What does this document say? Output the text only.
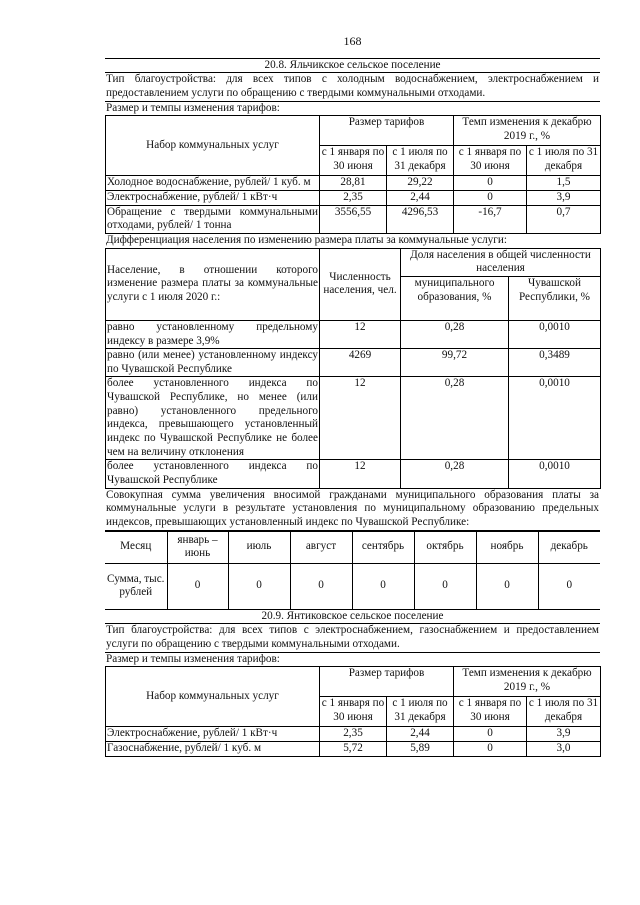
168
20.8. Яльчикское сельское поселение
Тип благоустройства: для всех типов с холодным водоснабжением, электроснабжением и предоставлением услуги по обращению с твердыми коммунальными отходами.
Размер и темпы изменения тарифов:
Набор коммунальных услуг	Размер тарифов		Темп изменения к декабрю 2019 г., %	
	с 1 января по 30 июня	с 1 июля по 31 декабря	с 1 января по 30 июня	с 1 июля по 31 декабря
Холодное водоснабжение, рублей/ 1 куб. м	28,81	29,22	0	1,5
Электроснабжение, рублей/ 1 кВт·ч	2,35	2,44	0	3,9
Обращение с твердыми коммунальными отходами, рублей/ 1 тонна	3556,55	4296,53	-16,7	0,7
Дифференциация населения по изменению размера платы за коммунальные услуги:
Население, в отношении которого изменение размера платы за коммунальные услуги с 1 июля 2020 г.:	Численность населения, чел.	Доля населения в общей численности населения	
		муниципального образования, %	Чувашской Республики, %
равно установленному предельному индексу в размере 3,9%	12	0,28	0,0010
равно (или менее) установленному индексу по Чувашской Республике	4269	99,72	0,3489
более установленного индекса по Чувашской Республике, но менее (или равно) установленного предельного индекса, превышающего установленный индекс по Чувашской Республике не более чем на величину отклонения	12	0,28	0,0010
более установленного индекса по Чувашской Республике	12	0,28	0,0010
Совокупная сумма увеличения вносимой гражданами муниципального образования платы за коммунальные услуги в результате установления по муниципальному образованию предельных индексов, превышающих установленный индекс по Чувашской Республике:
Месяц	январь – июнь	июль	август	сентябрь	октябрь	ноябрь	декабрь
Сумма, тыс. рублей	0	0	0	0	0	0	0
20.9. Янтиковское сельское поселение
Тип благоустройства: для всех типов с электроснабжением, газоснабжением и предоставлением услуги по обращению с твердыми коммунальными отходами.
Размер и темпы изменения тарифов:
Набор коммунальных услуг	Размер тарифов		Темп изменения к декабрю 2019 г., %	
	с 1 января по 30 июня	с 1 июля по 31 декабря	с 1 января по 30 июня	с 1 июля по 31 декабря
Электроснабжение, рублей/ 1 кВт·ч	2,35	2,44	0	3,9
Газоснабжение, рублей/ 1 куб. м	5,72	5,89	0	3,0
